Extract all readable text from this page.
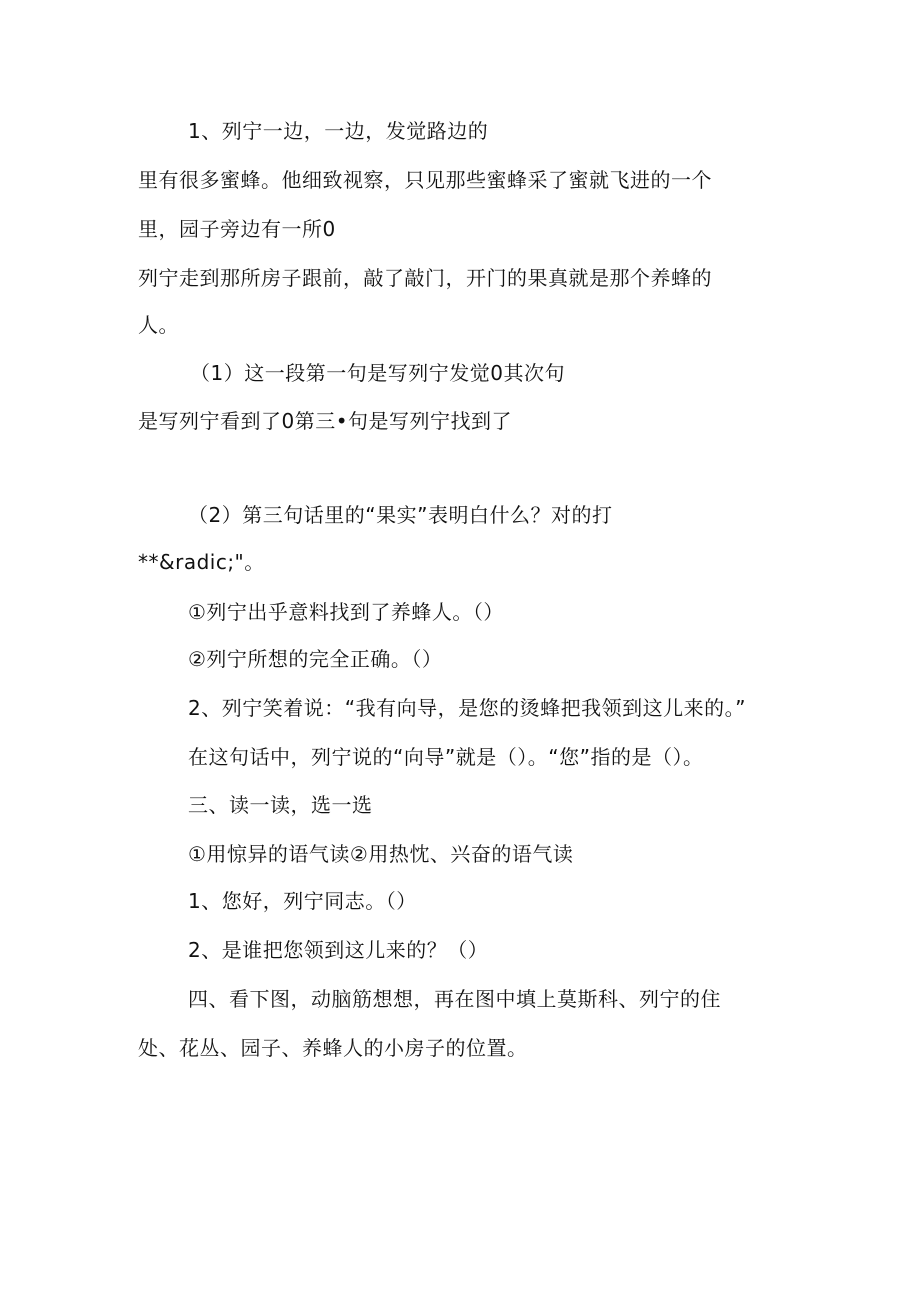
1、列宁一边，一边，发觉路边的
里有很多蜜蜂。他细致视察，只见那些蜜蜂采了蜜就飞进的一个
里，园子旁边有一所0
列宁走到那所房子跟前，敲了敲门，开门的果真就是那个养蜂的
人。
（1）这一段第一句是写列宁发觉0其次句
是写列宁看到了0第三•句是写列宁找到了
（2）第三句话里的“果实”表明白什么？对的打
**&radic;"。
①列宁出乎意料找到了养蜂人。（）
②列宁所想的完全正确。（）
2、列宁笑着说：“我有向导，是您的烫蜂把我领到这儿来的。”
在这句话中，列宁说的“向导”就是（）。“您”指的是（）。
三、读一读，选一选
①用惊异的语气读②用热忱、兴奋的语气读
1、您好，列宁同志。（）
2、是谁把您领到这儿来的？（）
四、看下图，动脑筋想想，再在图中填上莫斯科、列宁的住
处、花丛、园子、养蜂人的小房子的位置。
